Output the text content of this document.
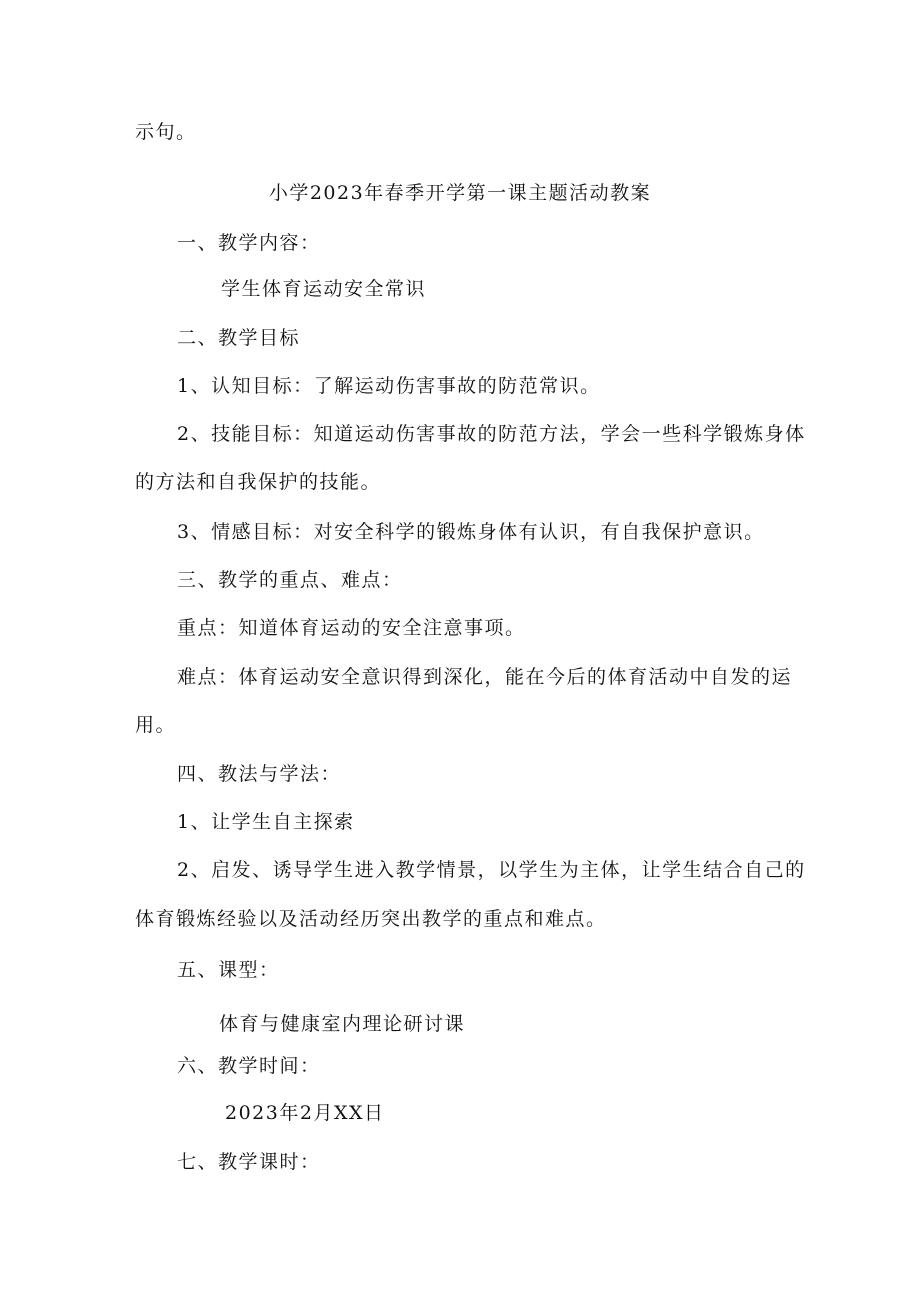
示句。
小学2023年春季开学第一课主题活动教案
一、教学内容：
学生体育运动安全常识
二、教学目标
1、认知目标：了解运动伤害事故的防范常识。
2、技能目标：知道运动伤害事故的防范方法，学会一些科学锻炼身体
的方法和自我保护的技能。
3、情感目标：对安全科学的锻炼身体有认识，有自我保护意识。
三、教学的重点、难点：
重点：知道体育运动的安全注意事项。
难点：体育运动安全意识得到深化，能在今后的体育活动中自发的运
用。
四、教法与学法：
1、让学生自主探索
2、启发、诱导学生进入教学情景，以学生为主体，让学生结合自己的
体育锻炼经验以及活动经历突出教学的重点和难点。
五、课型：
体育与健康室内理论研讨课
六、教学时间：
2023年2月XX日
七、教学课时：
